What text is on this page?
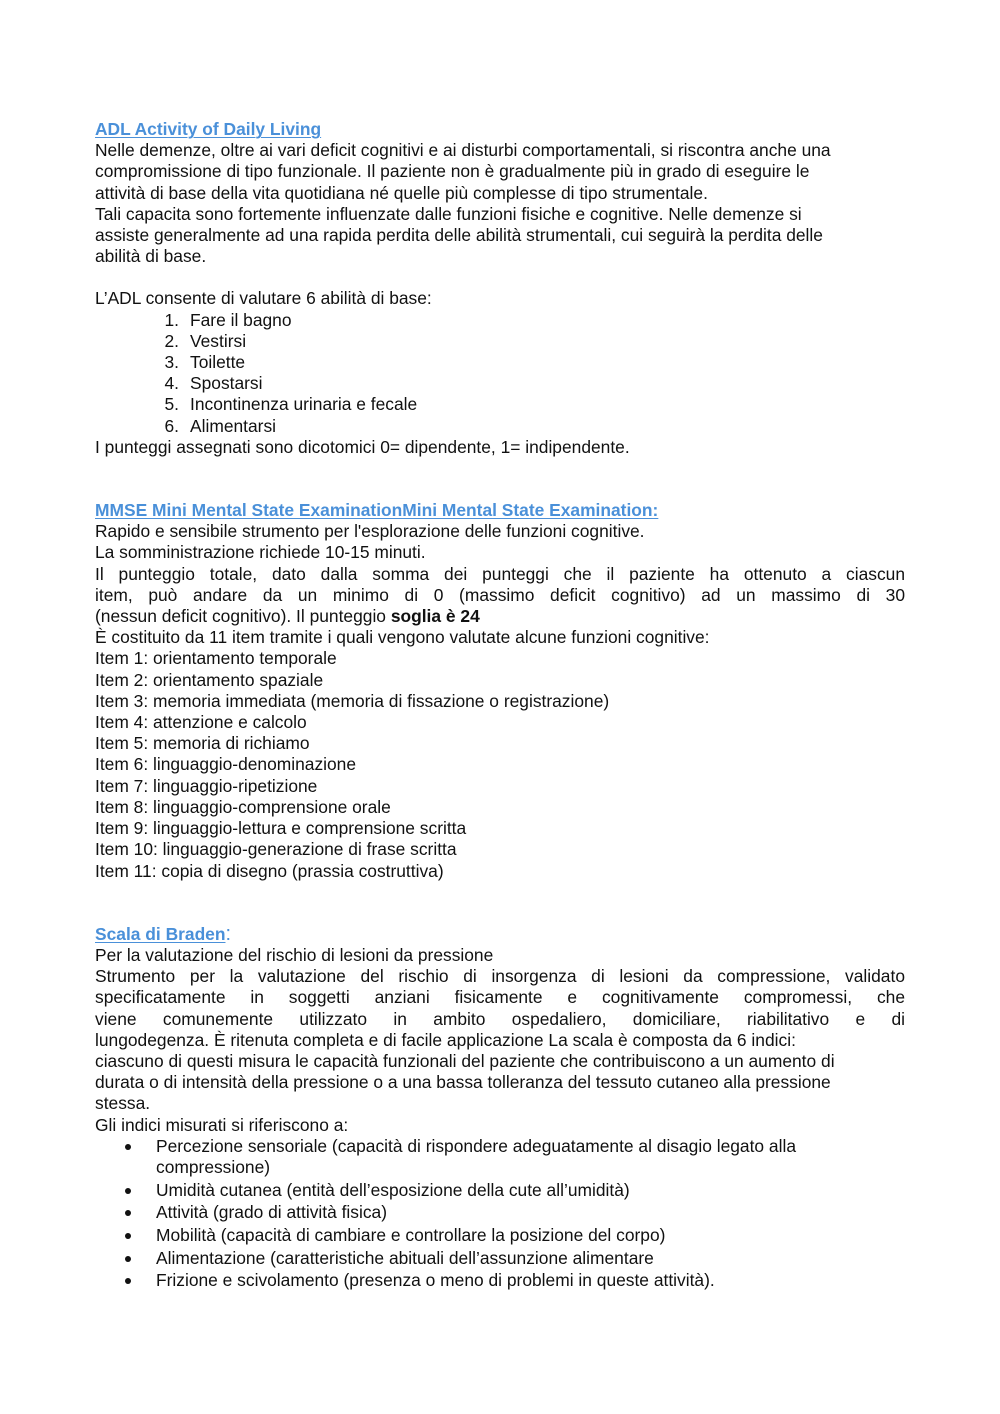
ADL Activity of Daily Living

Nelle demenze, oltre ai vari deficit cognitivi e ai disturbi comportamentali, si riscontra anche una

compromissione di tipo funzionale. Il paziente non è gradualmente più in grado di eseguire le

attività di base della vita quotidiana né quelle più complesse di tipo strumentale.

Tali capacita sono fortemente influenzate dalle funzioni fisiche e cognitive. Nelle demenze si

assiste generalmente ad una rapida perdita delle abilità strumentali, cui seguirà la perdita delle

abilità di base.

L’ADL consente di valutare 6 abilità di base:

1. Fare il bagno
2. Vestirsi
3. Toilette
4. Spostarsi
5. Incontinenza urinaria e fecale
6. Alimentarsi

I punteggi assegnati sono dicotomici 0= dipendente, 1= indipendente.

MMSE Mini Mental State ExaminationMini Mental State Examination:

Rapido e sensibile strumento per l'esplorazione delle funzioni cognitive.

La somministrazione richiede 10-15 minuti.

Il punteggio totale, dato dalla somma dei punteggi che il paziente ha ottenuto a ciascun

item, può andare da un minimo di 0 (massimo deficit cognitivo) ad un massimo di 30

(nessun deficit cognitivo). Il punteggio soglia è 24

È costituito da 11 item tramite i quali vengono valutate alcune funzioni cognitive:

Item 1: orientamento temporale

Item 2: orientamento spaziale

Item 3: memoria immediata (memoria di fissazione o registrazione)

Item 4: attenzione e calcolo

Item 5: memoria di richiamo

Item 6: linguaggio-denominazione

Item 7: linguaggio-ripetizione

Item 8: linguaggio-comprensione orale

Item 9: linguaggio-lettura e comprensione scritta

Item 10: linguaggio-generazione di frase scritta

Item 11: copia di disegno (prassia costruttiva)

Scala di Braden:

Per la valutazione del rischio di lesioni da pressione

Strumento per la valutazione del rischio di insorgenza di lesioni da compressione, validato

specificatamente in soggetti anziani fisicamente e cognitivamente compromessi, che

viene comunemente utilizzato in ambito ospedaliero, domiciliare, riabilitativo e di

lungodegenza. È ritenuta completa e di facile applicazione La scala è composta da 6 indici:

ciascuno di questi misura le capacità funzionali del paziente che contribuiscono a un aumento di

durata o di intensità della pressione o a una bassa tolleranza del tessuto cutaneo alla pressione

stessa.

Gli indici misurati si riferiscono a:

Percezione sensoriale (capacità di rispondere adeguatamente al disagio legato alla compressione)
Umidità cutanea (entità dell’esposizione della cute all’umidità)
Attività (grado di attività fisica)
Mobilità (capacità di cambiare e controllare la posizione del corpo)
Alimentazione (caratteristiche abituali dell’assunzione alimentare
Frizione e scivolamento (presenza o meno di problemi in queste attività).
